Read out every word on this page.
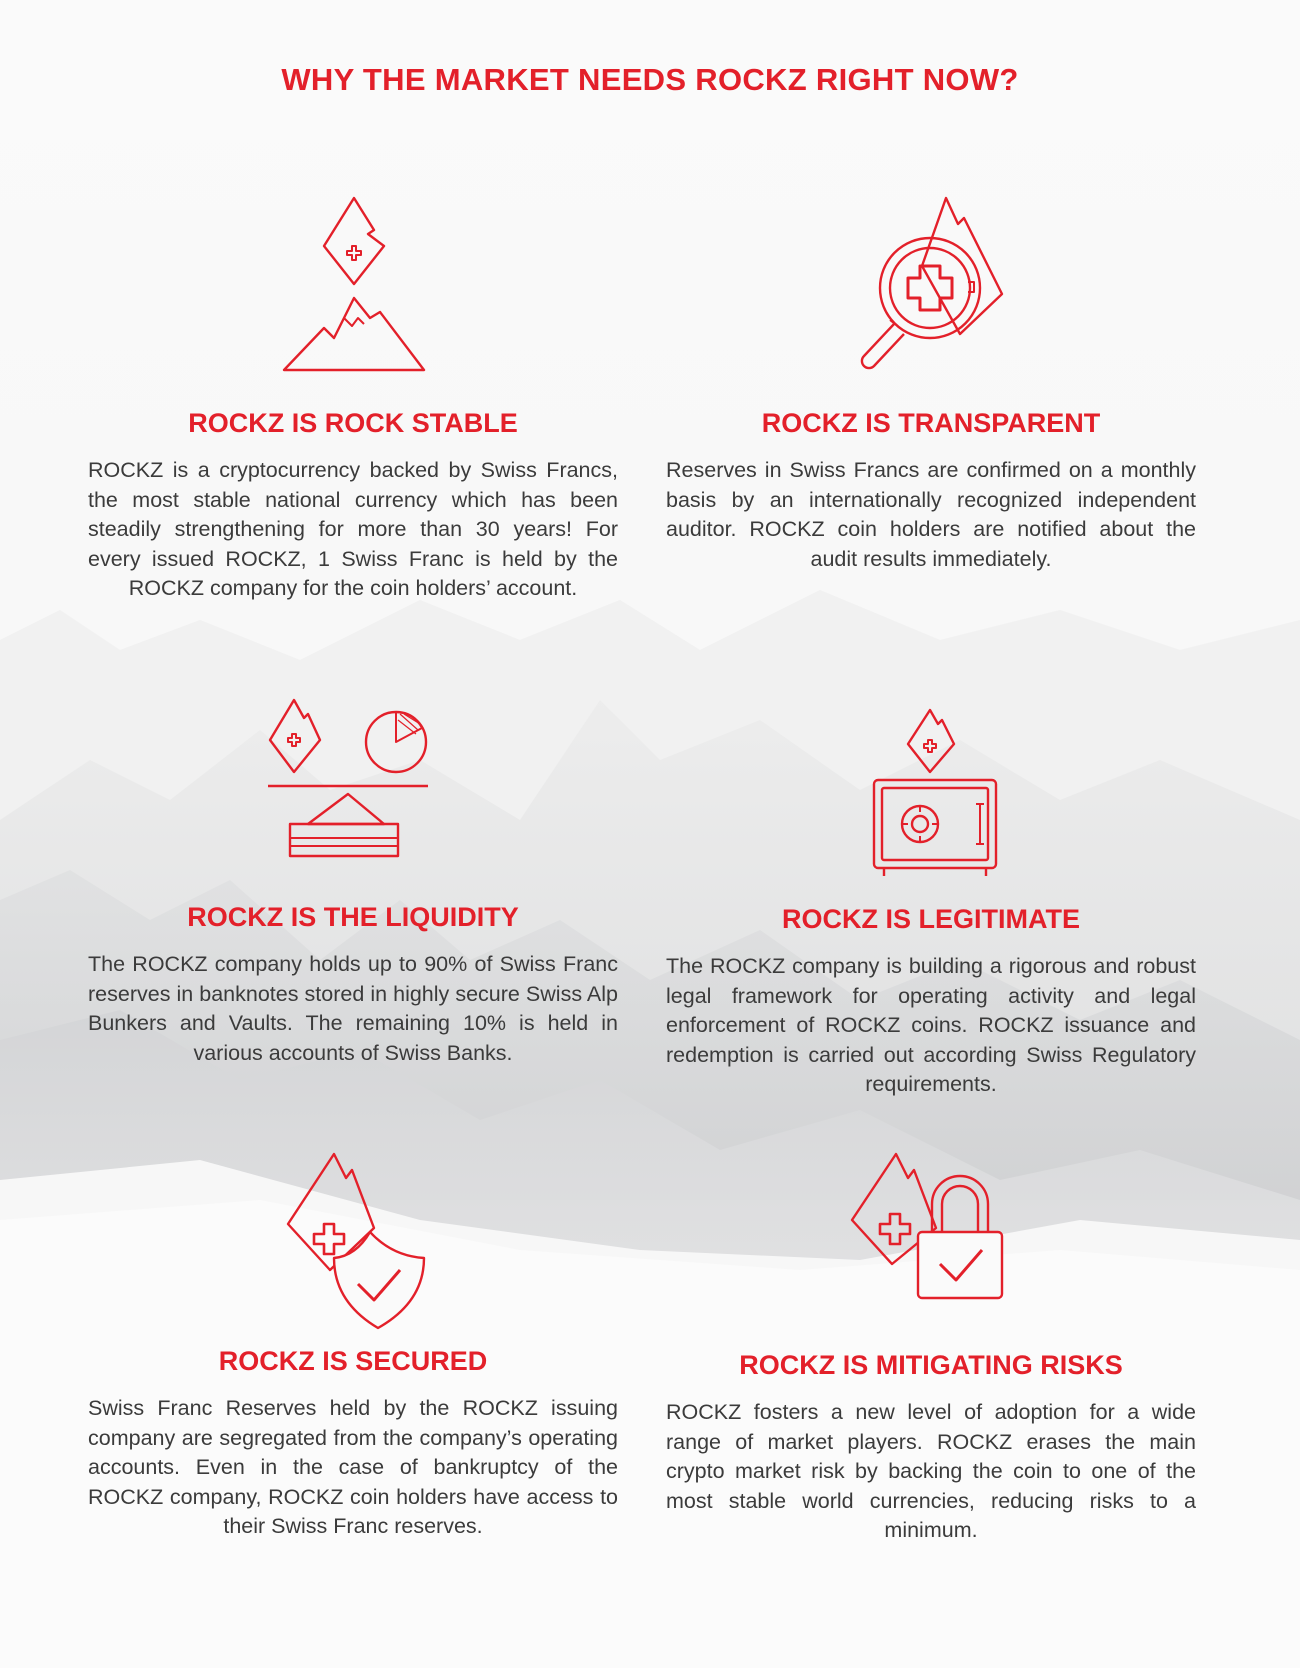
WHY THE MARKET NEEDS ROCKZ RIGHT NOW?
ROCKZ IS ROCK STABLE

ROCKZ is a cryptocurrency backed by Swiss Francs, the most stable national currency which has been steadily strengthening for more than 30 years! For every issued ROCKZ, 1 Swiss Franc is held by the ROCKZ company for the coin holders’ account.

ROCKZ IS TRANSPARENT

Reserves in Swiss Francs are confirmed on a monthly basis by an internationally recognized independent auditor. ROCKZ coin holders are notified about the audit results immediately.

ROCKZ IS THE LIQUIDITY

The ROCKZ company holds up to 90% of Swiss Franc reserves in banknotes stored in highly secure Swiss Alp Bunkers and Vaults. The remaining 10% is held in various accounts of Swiss Banks.

ROCKZ IS LEGITIMATE

The ROCKZ company is building a rigorous and robust legal framework for operating activity and legal enforcement of ROCKZ coins. ROCKZ issuance and redemption is carried out according Swiss Regulatory requirements.

ROCKZ IS SECURED

Swiss Franc Reserves held by the ROCKZ issuing company are segregated from the company’s operating accounts. Even in the case of bankruptcy of the ROCKZ company, ROCKZ coin holders have access to their Swiss Franc reserves.

ROCKZ IS MITIGATING RISKS

ROCKZ fosters a new level of adoption for a wide range of market players. ROCKZ erases the main crypto market risk by backing the coin to one of the most stable world currencies, reducing risks to a minimum.
